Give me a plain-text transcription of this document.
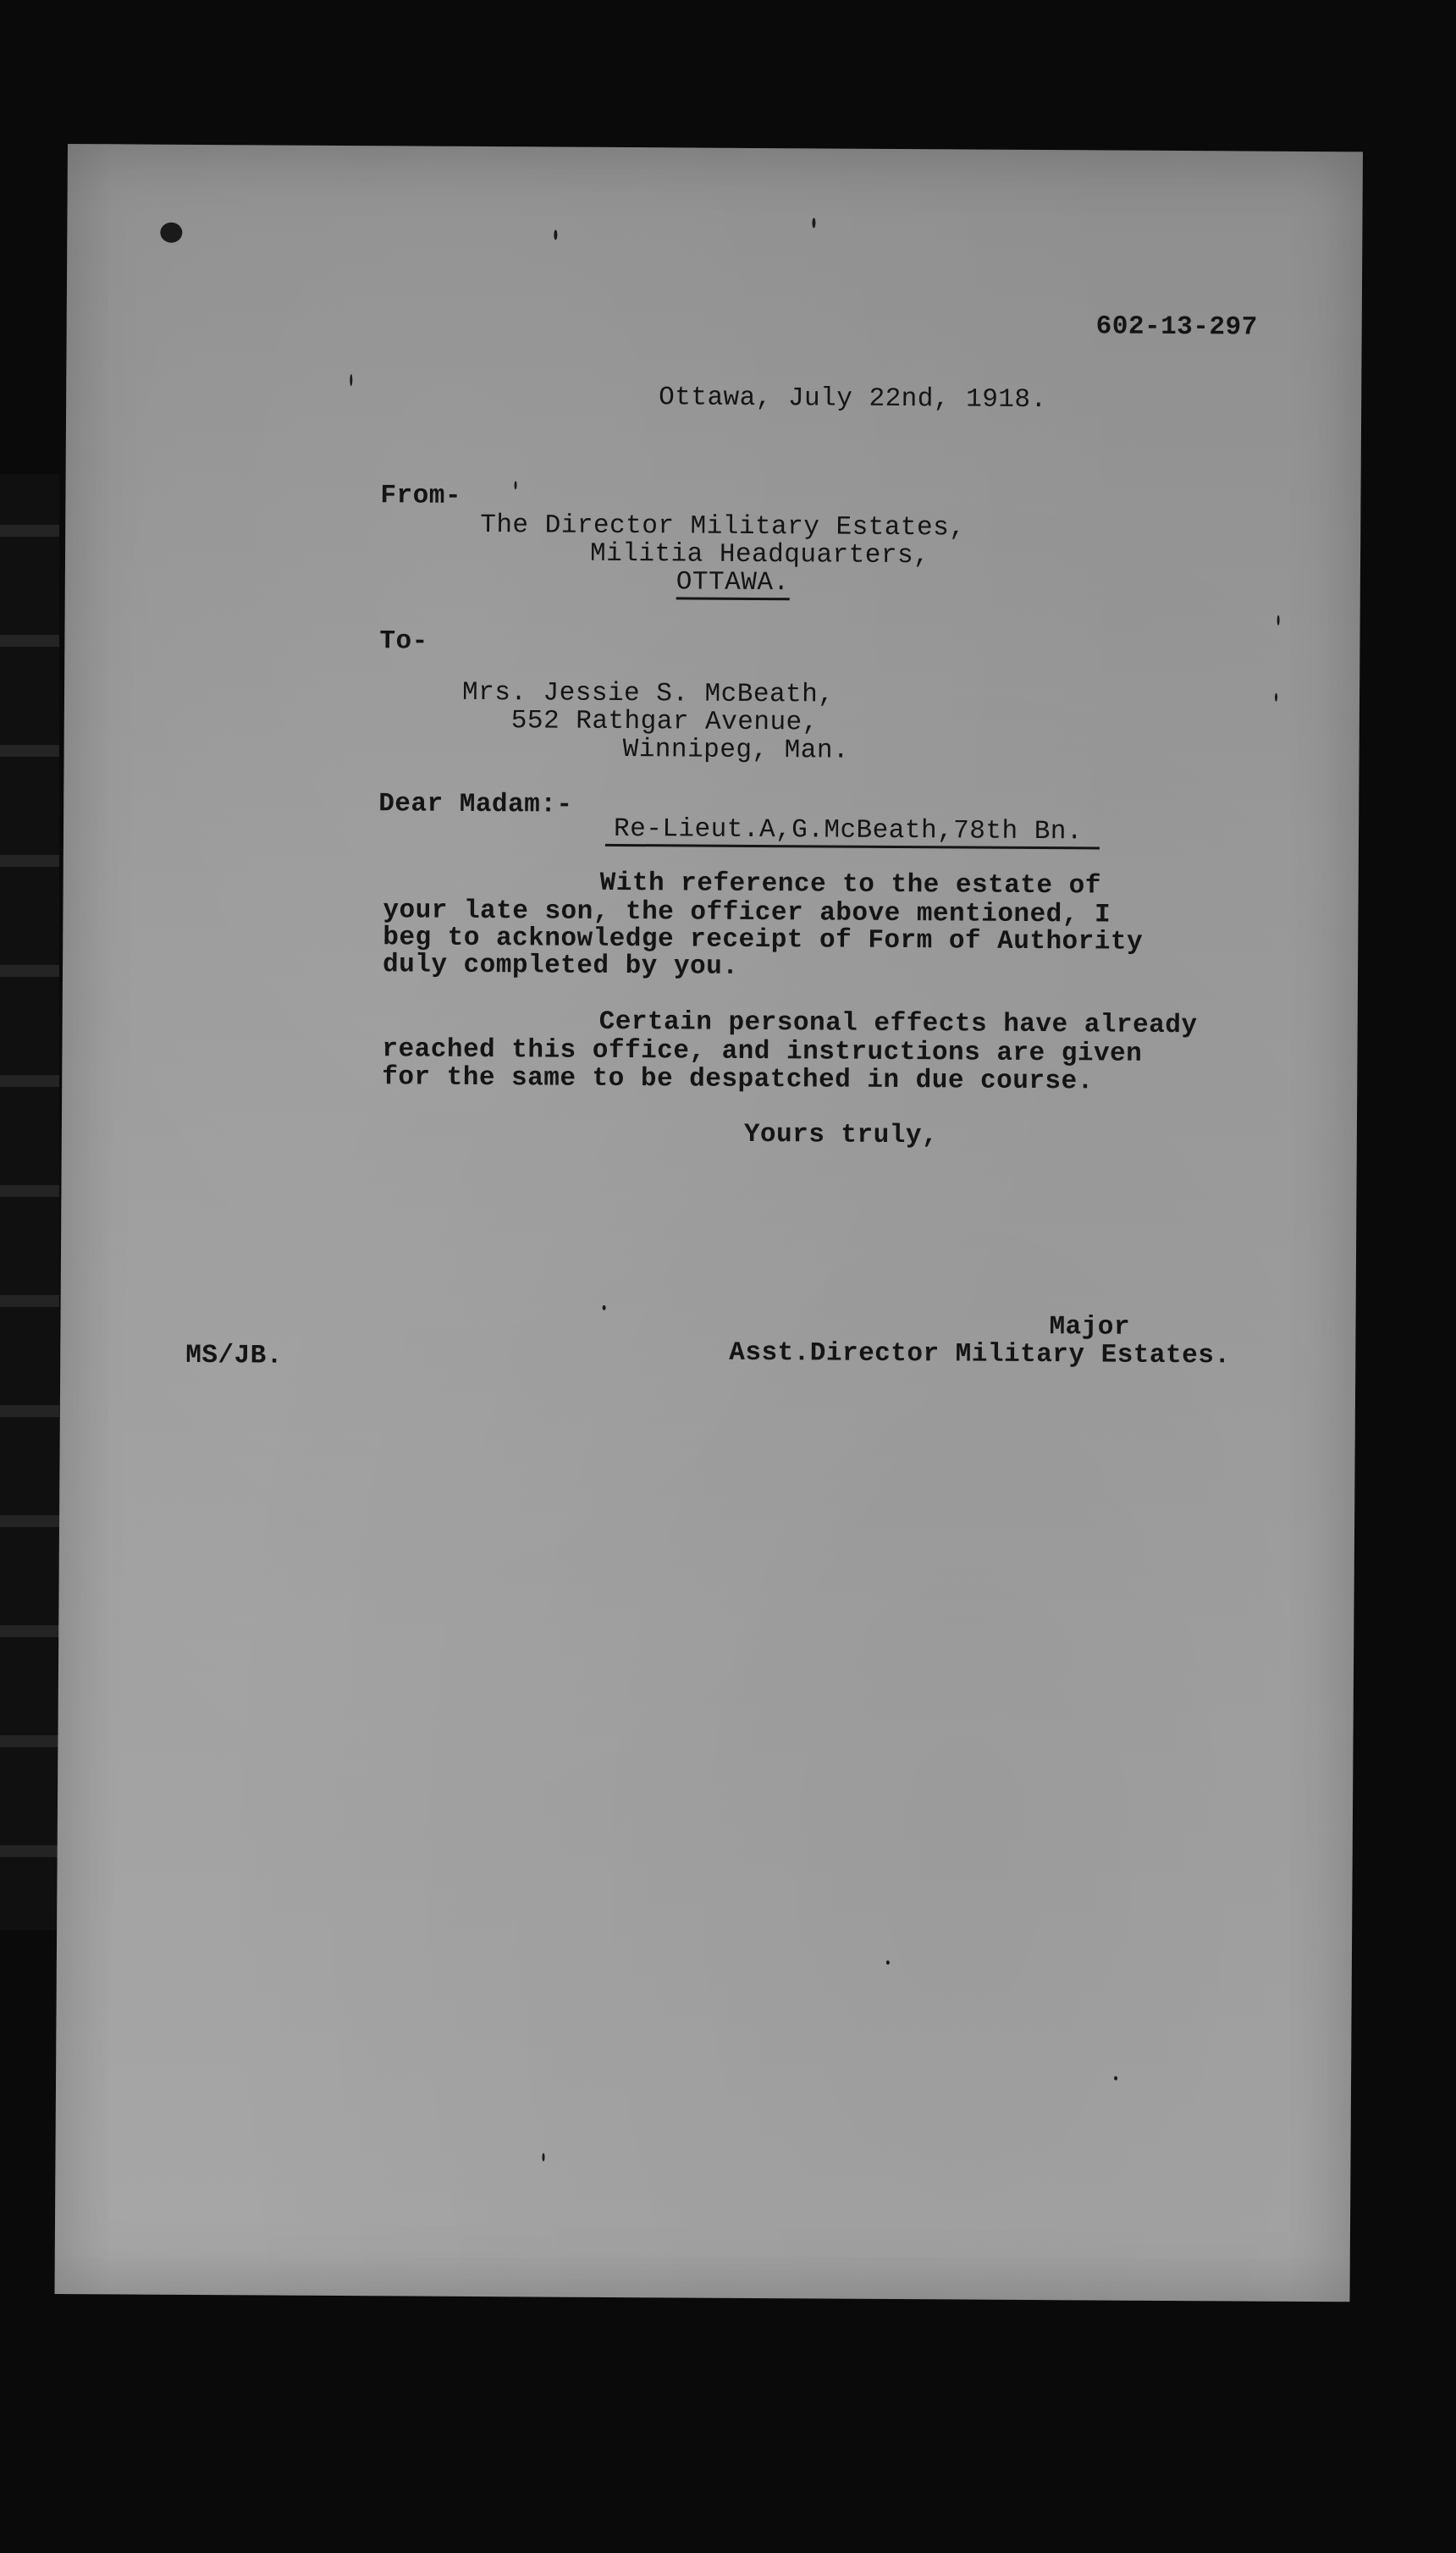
602-13-297
Ottawa, July 22nd, 1918.
From-
The Director Military Estates,
Militia Headquarters,
OTTAWA.
To-
Mrs. Jessie S. McBeath,
552 Rathgar Avenue,
Winnipeg, Man.
Dear Madam:-
Re-Lieut.A,G.McBeath,78th Bn.
With reference to the estate of
your late son, the officer above mentioned, I
beg to acknowledge receipt of Form of Authority
duly completed by you.
Certain personal effects have already
reached this office, and instructions are given
for the same to be despatched in due course.
Yours truly,
Major
Asst.Director Military Estates.
MS/JB.
